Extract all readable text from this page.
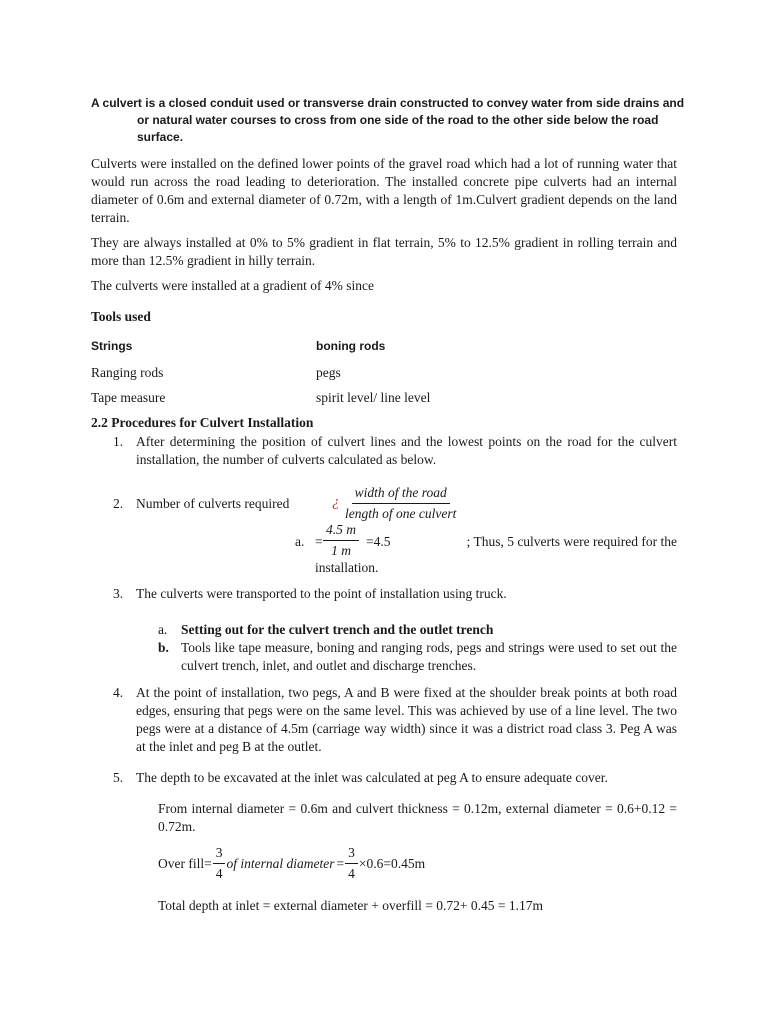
A culvert is a closed conduit used or transverse drain constructed to convey water from side drains and
or natural water courses to cross from one side of the road to the other side below the road
surface.
Culverts were installed on the defined lower points of the gravel road which had a lot of running water that would run across the road leading to deterioration. The installed concrete pipe culverts had an internal diameter of 0.6m and external diameter of 0.72m, with a length of 1m.Culvert gradient depends on the land terrain.
They are always installed at 0% to 5% gradient in flat terrain, 5% to 12.5% gradient in rolling terrain and more than 12.5% gradient in hilly terrain.
The culverts were installed at a gradient of 4% since
Tools used
Strings	boning rods
Ranging rods	pegs
Tape measure	spirit level/ line level
2.2 Procedures for Culvert Installation
1. After determining the position of culvert lines and the lowest points on the road for the culvert installation, the number of culverts calculated as below.
2. Number of culverts required	¿ $\frac{\text{width of the road}}{\text{length of one culvert}}$
a. = $\frac{4.5 m}{1 m} =4.5$	; Thus, 5 culverts were required for the
installation.
3. The culverts were transported to the point of installation using truck.
a. Setting out for the culvert trench and the outlet trench
b. Tools like tape measure, boning and ranging rods, pegs and strings were used to set out the culvert trench, inlet, and outlet and discharge trenches.
4. At the point of installation, two pegs, A and B were fixed at the shoulder break points at both road edges, ensuring that pegs were on the same level. This was achieved by use of a line level. The two pegs were at a distance of 4.5m (carriage way width) since it was a district road class 3. Peg A was at the inlet and peg B at the outlet.
5. The depth to be excavated at the inlet was calculated at peg A to ensure adequate cover.
From internal diameter = 0.6m and culvert thickness = 0.12m, external diameter = 0.6+0.12 = 0.72m.
Over fill= $\frac{3}{4}$ of internal diameter = $\frac{3}{4} \times 0.6=0.45m$
Total depth at inlet = external diameter + overfill = 0.72+ 0.45 = 1.17m
